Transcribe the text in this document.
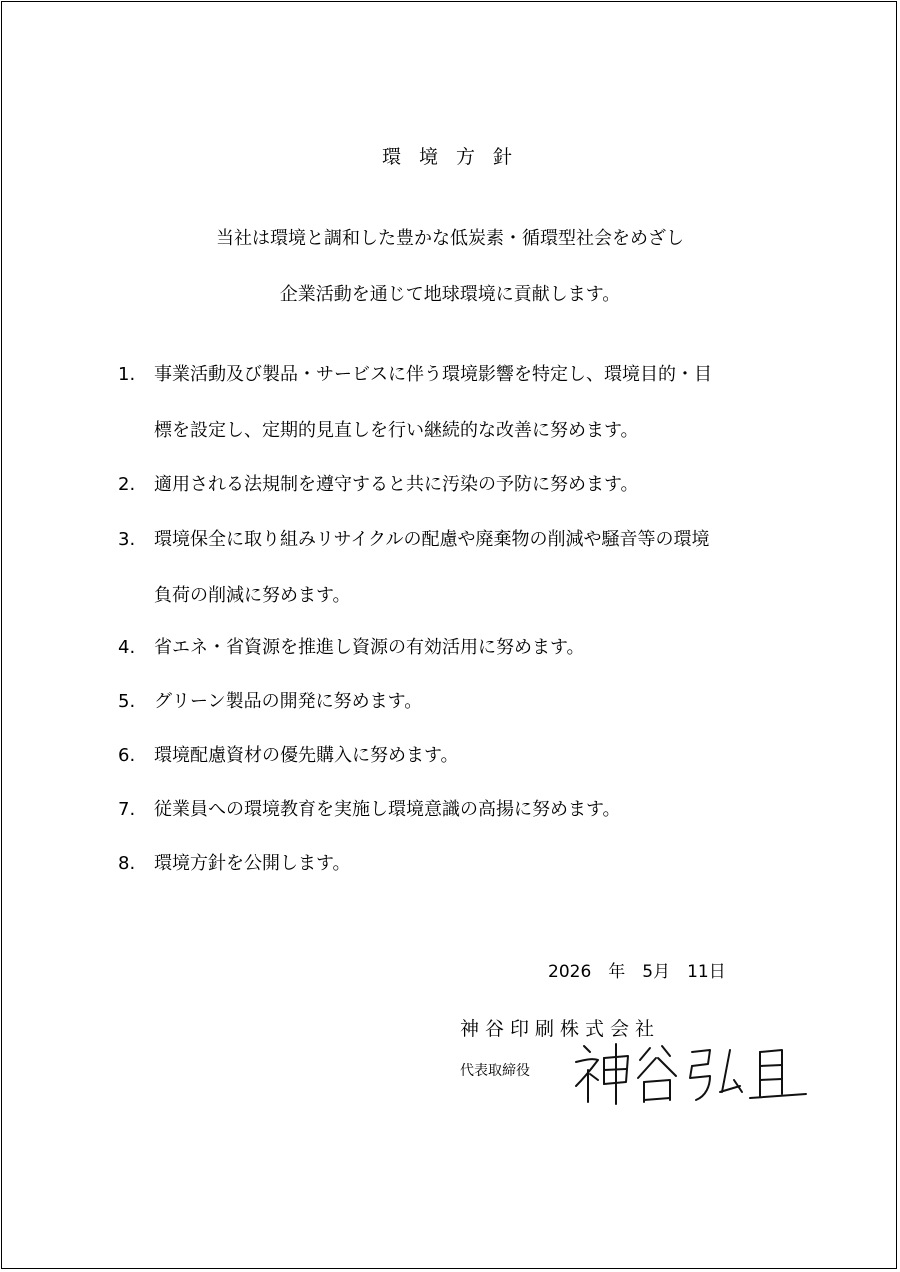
環 境 方 針
当社は環境と調和した豊かな低炭素・循環型社会をめざし
企業活動を通じて地球環境に貢献します。
1.	事業活動及び製品・サービスに伴う環境影響を特定し、環境目的・目
標を設定し、定期的見直しを行い継続的な改善に努めます。
2.	適用される法規制を遵守すると共に汚染の予防に努めます。
3.	環境保全に取り組みリサイクルの配慮や廃棄物の削減や騒音等の環境
負荷の削減に努めます。
4.	省エネ・省資源を推進し資源の有効活用に努めます。
5.	グリーン製品の開発に努めます。
6.	環境配慮資材の優先購入に努めます。
7.	従業員への環境教育を実施し環境意識の高揚に努めます。
8.	環境方針を公開します。
2026　年　5月　11日
神谷印刷株式会社
代表取締役
